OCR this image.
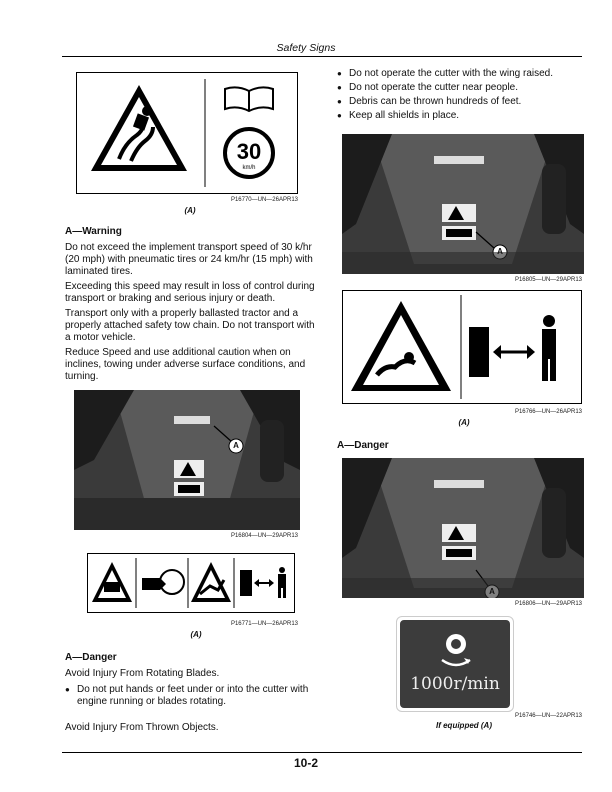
Safety Signs
30
km/h
P16770—UN—26APR13
(A)
A—Warning
Do not exceed the implement transport speed of 30 k/hr (20 mph) with pneumatic tires or 24 km/hr (15 mph) with laminated tires.
Exceeding this speed may result in loss of control during transport or braking and serious injury or death.
Transport only with a properly ballasted tractor and a properly attached safety tow chain. Do not transport with a motor vehicle.
Reduce Speed and use additional caution when on inclines, towing under adverse surface conditions, and turning.
A
P16804—UN—29APR13
P16771—UN—26APR13
(A)
A—Danger
Avoid Injury From Rotating Blades.
● Do not put hands or feet under or into the cutter with engine running or blades rotating.
Avoid Injury From Thrown Objects.
● Do not operate the cutter with the wing raised.
● Do not operate the cutter near people.
● Debris can be thrown hundreds of feet.
● Keep all shields in place.
A
P16805—UN—29APR13
P16766—UN—26APR13
(A)
A—Danger
A
P16806—UN—29APR13
1000r/min
P16746—UN—22APR13
If equipped (A)
10-2
